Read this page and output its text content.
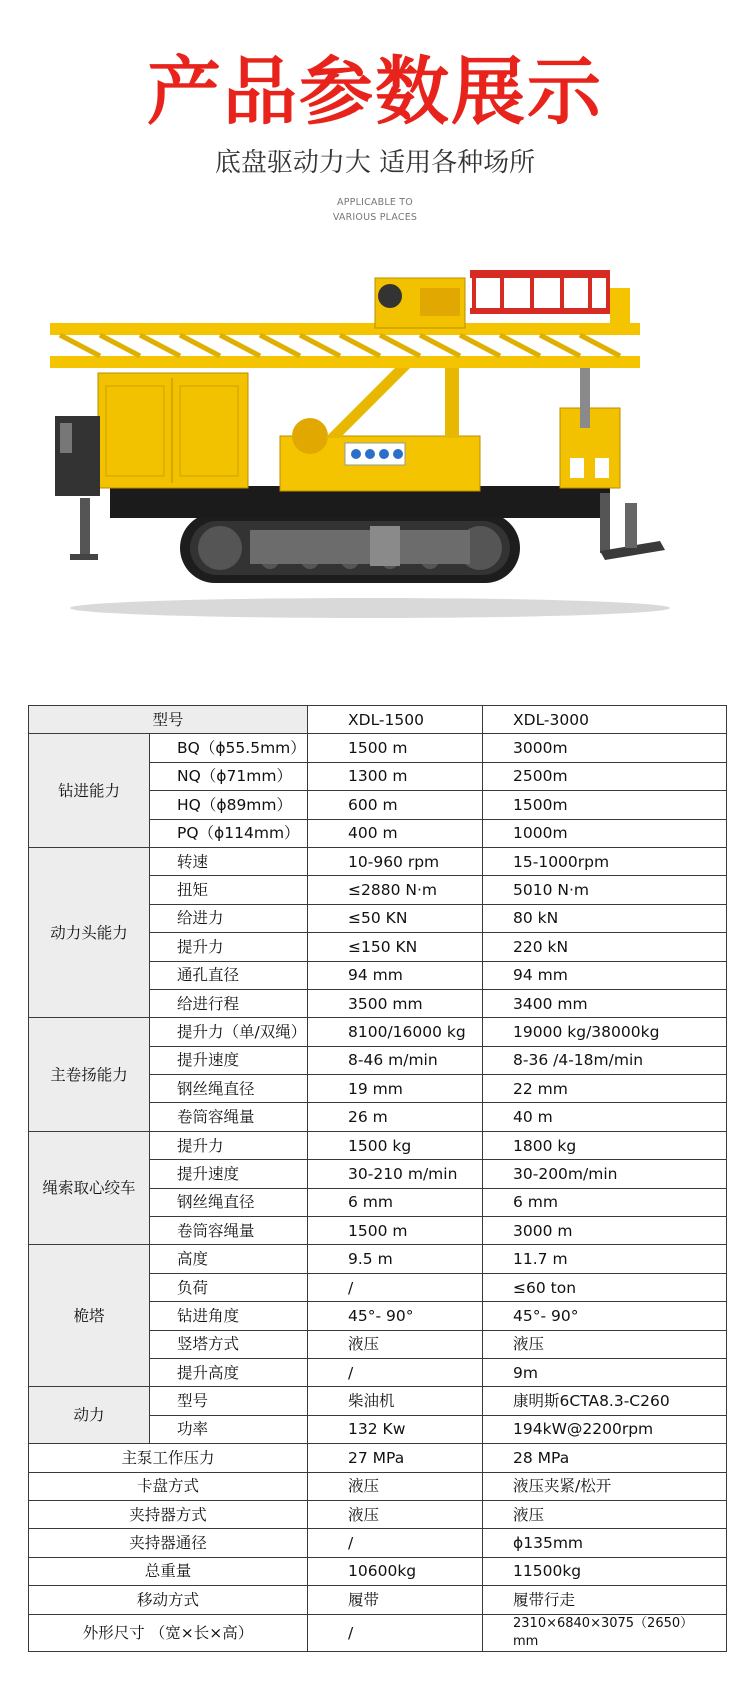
产品参数展示
底盘驱动力大 适用各种场所
APPLICABLE TO
VARIOUS PLACES
型号		XDL-1500	XDL-3000
钻进能力	BQ（ϕ55.5mm）	1500 m	3000m
	NQ（ϕ71mm）	1300 m	2500m
	HQ（ϕ89mm）	600 m	1500m
	PQ（ϕ114mm）	400 m	1000m
动力头能力	转速	10-960 rpm	15-1000rpm
	扭矩	≤2880 N·m	5010 N·m
	给进力	≤50 KN	80 kN
	提升力	≤150 KN	220 kN
	通孔直径	94 mm	94 mm
	给进行程	3500 mm	3400 mm
主卷扬能力	提升力（单/双绳）	8100/16000 kg	19000 kg/38000kg
	提升速度	8-46 m/min	8-36 /4-18m/min
	钢丝绳直径	19 mm	22 mm
	卷筒容绳量	26 m	40 m
绳索取心绞车	提升力	1500 kg	1800 kg
	提升速度	30-210 m/min	30-200m/min
	钢丝绳直径	6 mm	6 mm
	卷筒容绳量	1500 m	3000 m
桅塔	高度	9.5 m	11.7 m
	负荷	/	≤60 ton
	钻进角度	45°- 90°	45°- 90°
	竖塔方式	液压	液压
	提升高度	/	9m
动力	型号	柴油机	康明斯6CTA8.3-C260
	功率	132 Kw	194kW@2200rpm
主泵工作压力		27 MPa	28 MPa
卡盘方式		液压	液压夹紧/松开
夹持器方式		液压	液压
夹持器通径		/	ϕ135mm
总重量		10600kg	11500kg
移动方式		履带	履带行走
外形尺寸 （宽×长×高）		/	2310×6840×3075（2650）mm
